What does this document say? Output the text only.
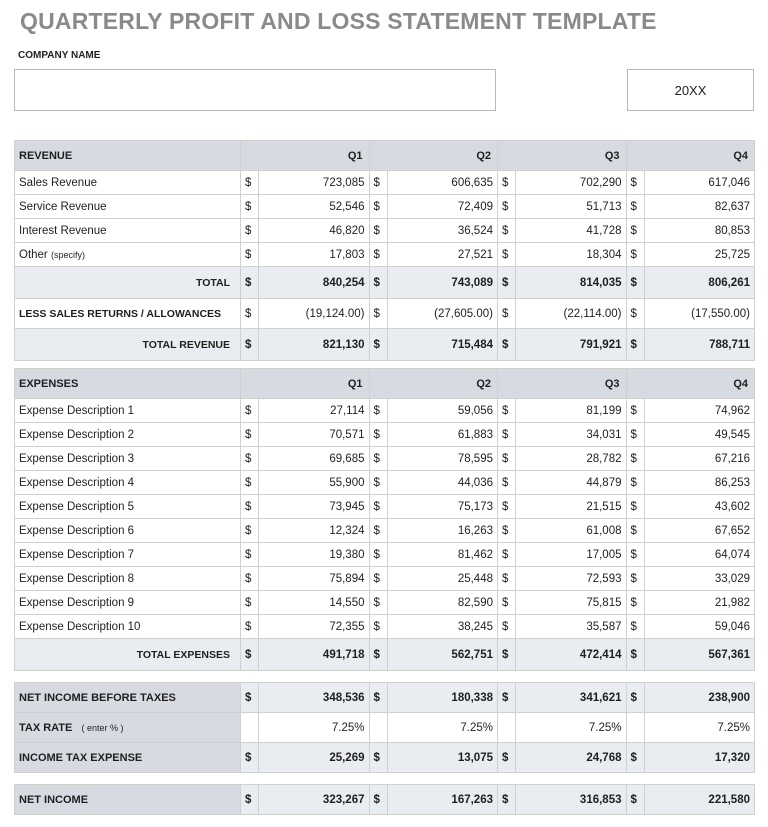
QUARTERLY PROFIT AND LOSS STATEMENT TEMPLATE
COMPANY NAME
20XX
REVENUE	Q1		Q2		Q3		Q4	
Sales Revenue	$	723,085	$	606,635	$	702,290	$	617,046
Service Revenue	$	52,546	$	72,409	$	51,713	$	82,637
Interest Revenue	$	46,820	$	36,524	$	41,728	$	80,853
Other (specify)	$	17,803	$	27,521	$	18,304	$	25,725
TOTAL	$	840,254	$	743,089	$	814,035	$	806,261
LESS SALES RETURNS / ALLOWANCES	$	(19,124.00)	$	(27,605.00)	$	(22,114.00)	$	(17,550.00)
TOTAL REVENUE	$	821,130	$	715,484	$	791,921	$	788,711
EXPENSES	Q1		Q2		Q3		Q4	
Expense Description 1	$	27,114	$	59,056	$	81,199	$	74,962
Expense Description 2	$	70,571	$	61,883	$	34,031	$	49,545
Expense Description 3	$	69,685	$	78,595	$	28,782	$	67,216
Expense Description 4	$	55,900	$	44,036	$	44,879	$	86,253
Expense Description 5	$	73,945	$	75,173	$	21,515	$	43,602
Expense Description 6	$	12,324	$	16,263	$	61,008	$	67,652
Expense Description 7	$	19,380	$	81,462	$	17,005	$	64,074
Expense Description 8	$	75,894	$	25,448	$	72,593	$	33,029
Expense Description 9	$	14,550	$	82,590	$	75,815	$	21,982
Expense Description 10	$	72,355	$	38,245	$	35,587	$	59,046
TOTAL EXPENSES	$	491,718	$	562,751	$	472,414	$	567,361
NET INCOME BEFORE TAXES	$	348,536	$	180,338	$	341,621	$	238,900
TAX RATE ( enter % )		7.25%		7.25%		7.25%		7.25%
INCOME TAX EXPENSE	$	25,269	$	13,075	$	24,768	$	17,320
NET INCOME	$	323,267	$	167,263	$	316,853	$	221,580
